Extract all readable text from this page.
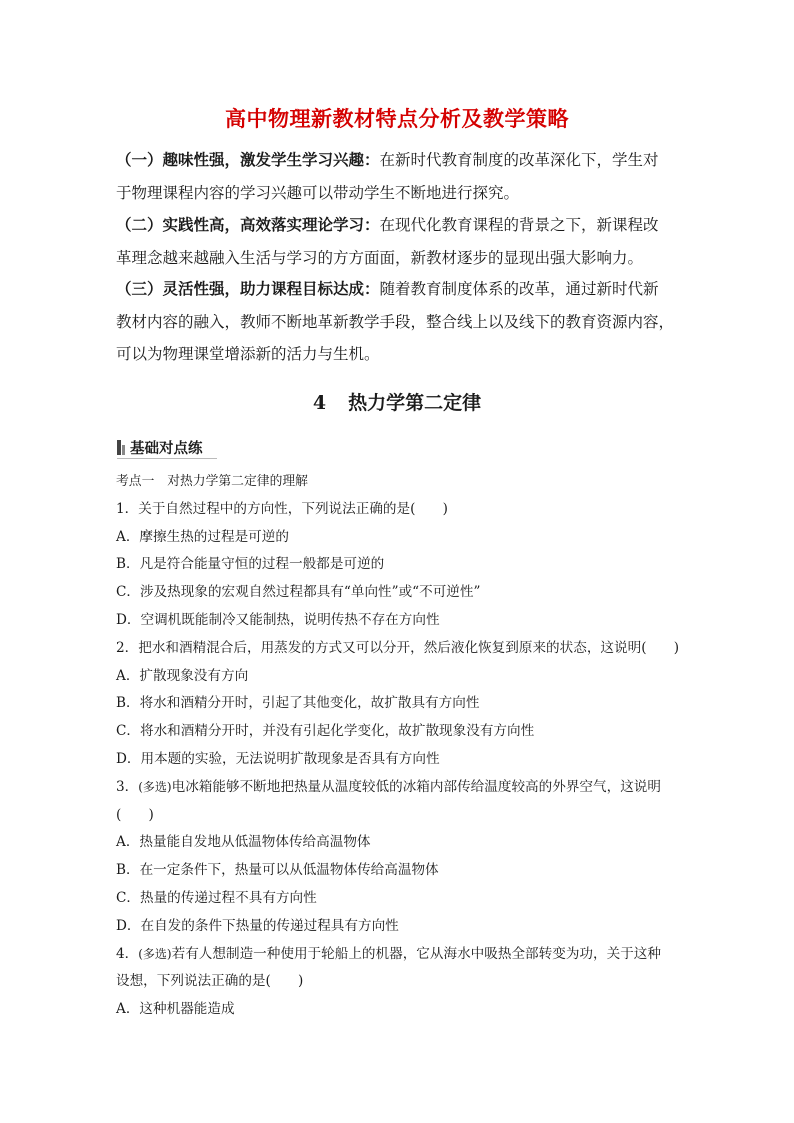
高中物理新教材特点分析及教学策略
（一）趣味性强，激发学生学习兴趣：在新时代教育制度的改革深化下，学生对
于物理课程内容的学习兴趣可以带动学生不断地进行探究。
（二）实践性高，高效落实理论学习：在现代化教育课程的背景之下，新课程改
革理念越来越融入生活与学习的方方面面，新教材逐步的显现出强大影响力。
（三）灵活性强，助力课程目标达成：随着教育制度体系的改革，通过新时代新
教材内容的融入，教师不断地革新教学手段，整合线上以及线下的教育资源内容，
可以为物理课堂增添新的活力与生机。
4 热力学第二定律
基础对点练
考点一　对热力学第二定律的理解
1．关于自然过程中的方向性，下列说法正确的是(　　)
A．摩擦生热的过程是可逆的
B．凡是符合能量守恒的过程一般都是可逆的
C．涉及热现象的宏观自然过程都具有“单向性”或“不可逆性”
D．空调机既能制冷又能制热，说明传热不存在方向性
2．把水和酒精混合后，用蒸发的方式又可以分开，然后液化恢复到原来的状态，这说明(　　)
A．扩散现象没有方向
B．将水和酒精分开时，引起了其他变化，故扩散具有方向性
C．将水和酒精分开时，并没有引起化学变化，故扩散现象没有方向性
D．用本题的实验，无法说明扩散现象是否具有方向性
3．(多选)电冰箱能够不断地把热量从温度较低的冰箱内部传给温度较高的外界空气，这说明
(　　)
A．热量能自发地从低温物体传给高温物体
B．在一定条件下，热量可以从低温物体传给高温物体
C．热量的传递过程不具有方向性
D．在自发的条件下热量的传递过程具有方向性
4．(多选)若有人想制造一种使用于轮船上的机器，它从海水中吸热全部转变为功，关于这种
设想，下列说法正确的是(　　)
A．这种机器能造成
